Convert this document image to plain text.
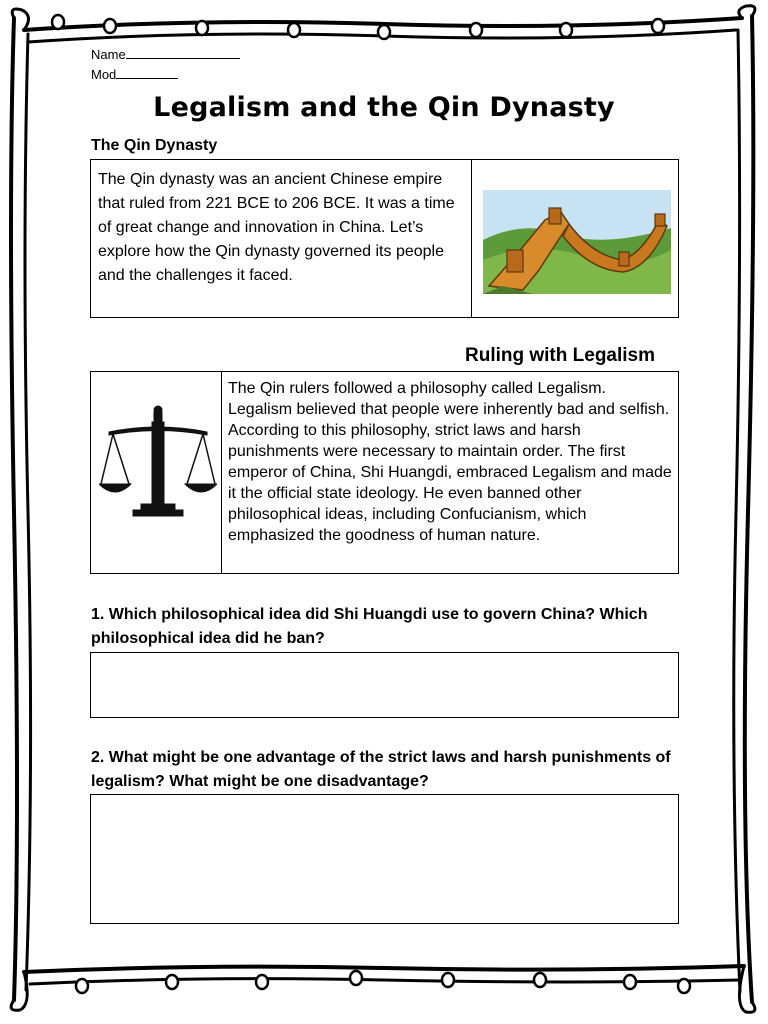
Name
Mod
Legalism and the Qin Dynasty
The Qin Dynasty
The Qin dynasty was an ancient Chinese empire that ruled from 221 BCE to 206 BCE. It was a time of great change and innovation in China. Let’s explore how the Qin dynasty governed its people and the challenges it faced.
Ruling with Legalism
The Qin rulers followed a philosophy called Legalism. Legalism believed that people were inherently bad and selfish. According to this philosophy, strict laws and harsh punishments were necessary to maintain order. The first emperor of China, Shi Huangdi, embraced Legalism and made it the official state ideology. He even banned other philosophical ideas, including Confucianism, which emphasized the goodness of human nature.
1. Which philosophical idea did Shi Huangdi use to govern China? Which philosophical idea did he ban?
2. What might be one advantage of the strict laws and harsh punishments of legalism? What might be one disadvantage?
